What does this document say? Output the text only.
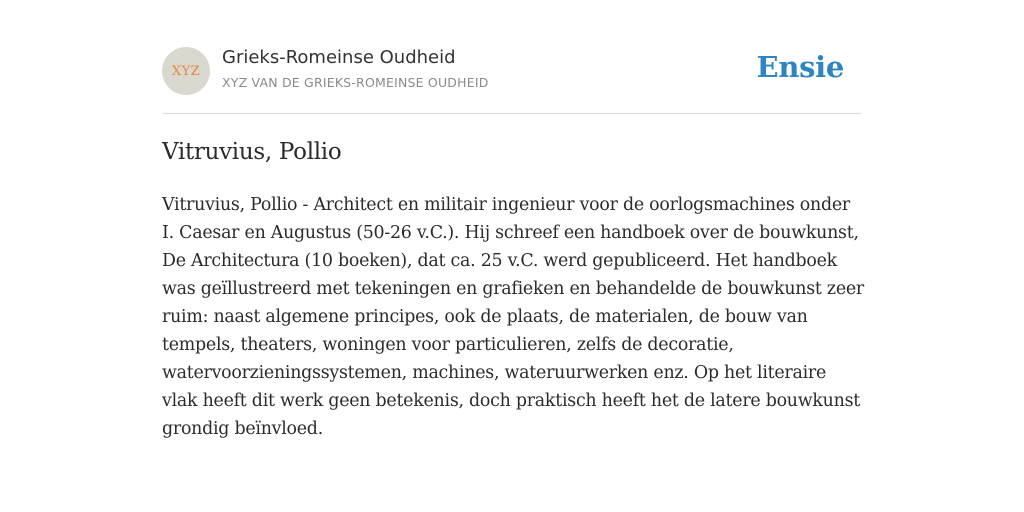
XYZ
Grieks-Romeinse Oudheid
XYZ VAN DE GRIEKS-ROMEINSE OUDHEID	Ensie
Vitruvius, Pollio

Vitruvius, Pollio - Architect en militair ingenieur voor de oorlogsmachines onder I. Caesar en Augustus (50-26 v.C.). Hij schreef een handboek over de bouwkunst, De Architectura (10 boeken), dat ca. 25 v.C. werd gepubliceerd. Het handboek was geïllustreerd met tekeningen en grafieken en behandelde de bouwkunst zeer ruim: naast algemene principes, ook de plaats, de materialen, de bouw van tempels, theaters, woningen voor particulieren, zelfs de decoratie, watervoorzieningssystemen, machines, wateruurwerken enz. Op het literaire vlak heeft dit werk geen betekenis, doch praktisch heeft het de latere bouwkunst grondig beïnvloed.
